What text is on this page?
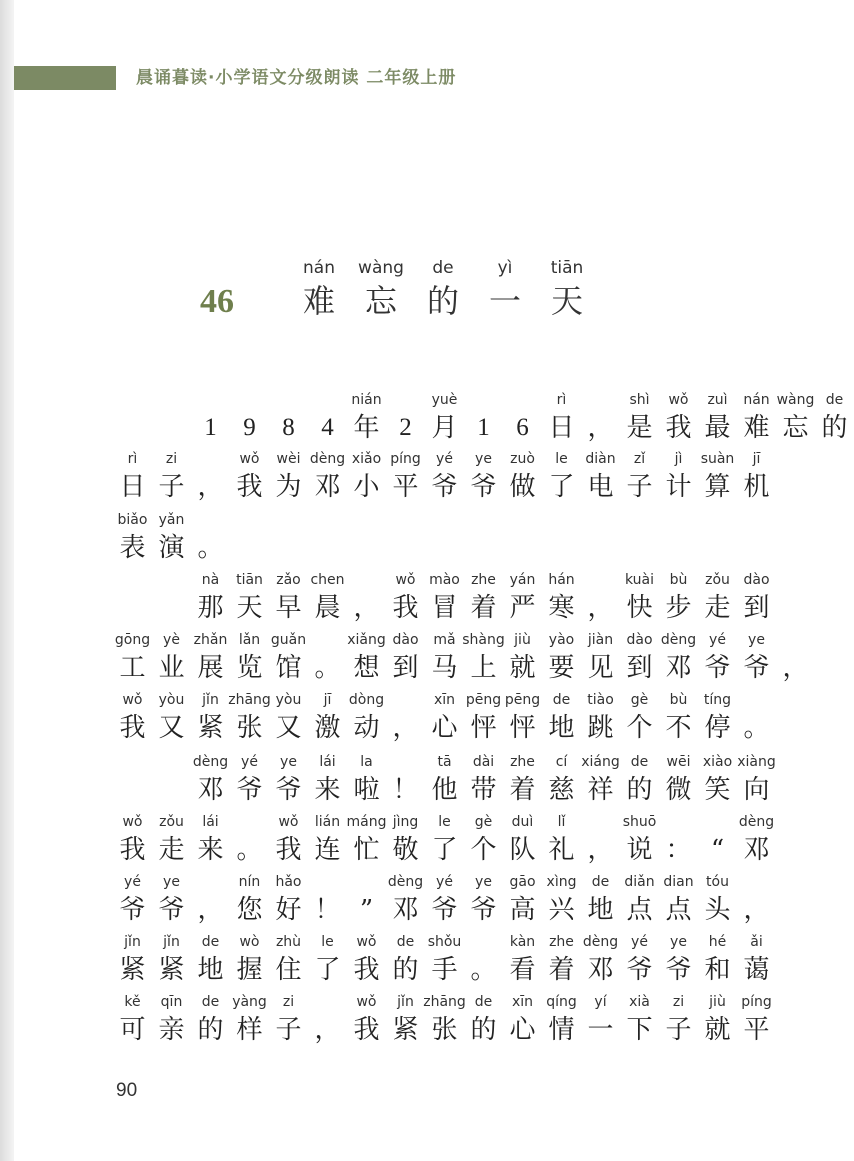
晨诵暮读·小学语文分级朗读 二年级上册
46
nán
难
wàng
忘
de
的
yì
一
tiān
天
1	9	8	4
nián
年 2
yuè
月 1	6
rì
日 ，
shì
是
wǒ
我
zuì
最
nán
难
wàng
忘
de
的
rì
日
zi
子 ，
wǒ
我
wèi
为
dèng
邓
xiǎo
小
píng
平
yé
爷
ye
爷
zuò
做
le
了
diàn
电
zǐ
子
jì
计
suàn
算
jī
机
biǎo
表
yǎn
演 。
nà
那
tiān
天
zǎo
早
chen
晨 ，
wǒ
我
mào
冒
zhe
着
yán
严
hán
寒 ，
kuài
快
bù
步
zǒu
走
dào
到
gōng
工
yè
业
zhǎn
展
lǎn
览
guǎn
馆 。
xiǎng
想
dào
到
mǎ
马
shàng
上
jiù
就
yào
要
jiàn
见
dào
到
dèng
邓
yé
爷
ye
爷 ，
wǒ
我
yòu
又
jǐn
紧
zhāng
张
yòu
又
jī
激
dòng
动 ，
xīn
心
pēng
怦
pēng
怦
de
地
tiào
跳
gè
个
bù
不
tíng
停 。
dèng
邓
yé
爷
ye
爷
lái
来
la
啦 ！
tā
他
dài
带
zhe
着
cí
慈
xiáng
祥
de
的
wēi
微
xiào
笑
xiàng
向
wǒ
我
zǒu
走
lái
来 。
wǒ
我
lián
连
máng
忙
jìng
敬
le
了
gè
个
duì
队
lǐ
礼 ，
shuō
说 ： “
dèng
邓
yé
爷
ye
爷 ，
nín
您
hǎo
好 ！ ”
dèng
邓
yé
爷
ye
爷
gāo
高
xìng
兴
de
地
diǎn
点
dian
点
tóu
头 ，
jǐn
紧
jǐn
紧
de
地
wò
握
zhù
住
le
了
wǒ
我
de
的
shǒu
手 。
kàn
看
zhe
着
dèng
邓
yé
爷
ye
爷
hé
和
ǎi
蔼
kě
可
qīn
亲
de
的
yàng
样
zi
子 ，
wǒ
我
jǐn
紧
zhāng
张
de
的
xīn
心
qíng
情
yí
一
xià
下
zi
子
jiù
就
píng
平
90
